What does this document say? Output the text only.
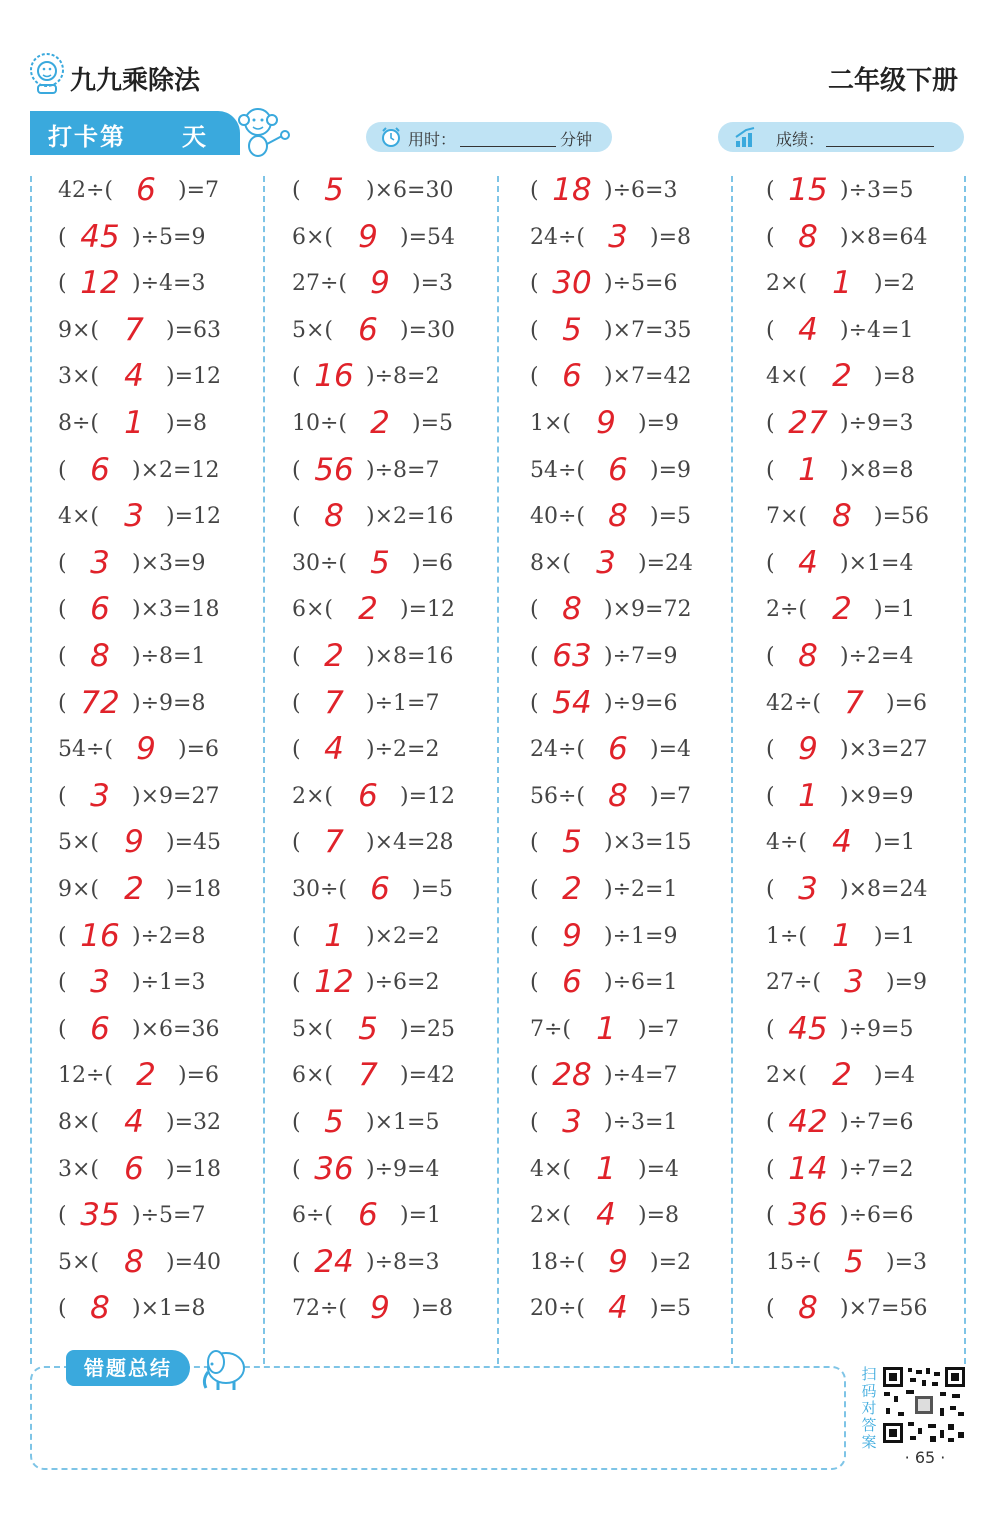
九九乘除法	二年级下册
打卡第 天	用时：	分钟	成绩：
42÷( 6	)=7
( 45 )÷5=9
( 12 )÷4=3
9×( 7	)=63
3×( 4	)=12
8÷( 1	)=8
( 6	)×2=12
4×( 3	)=12
( 3	)×3=9
( 6	)×3=18
( 8	)÷8=1
( 72 )÷9=8
54÷( 9	)=6
( 3	)×9=27
5×( 9	)=45
9×( 2	)=18
( 16 )÷2=8
( 3	)÷1=3
( 6	)×6=36
12÷( 2	)=6
8×( 4	)=32
3×( 6	)=18
( 35 )÷5=7
5×( 8	)=40
( 8	)×1=8
( 5	)×6=30
6×( 9	)=54
27÷( 9	)=3
5×( 6	)=30
( 16 )÷8=2
10÷( 2	)=5
( 56 )÷8=7
( 8	)×2=16
30÷( 5	)=6
6×( 2	)=12
( 2	)×8=16
( 7	)÷1=7
( 4	)÷2=2
2×( 6	)=12
( 7	)×4=28
30÷( 6	)=5
( 1	)×2=2
( 12 )÷6=2
5×( 5	)=25
6×( 7	)=42
( 5	)×1=5
( 36 )÷9=4
6÷( 6	)=1
( 24 )÷8=3
72÷( 9	)=8
( 18 )÷6=3
24÷( 3	)=8
( 30 )÷5=6
( 5	)×7=35
( 6	)×7=42
1×( 9	)=9
54÷( 6	)=9
40÷( 8	)=5
8×( 3	)=24
( 8	)×9=72
( 63 )÷7=9
( 54 )÷9=6
24÷( 6	)=4
56÷( 8	)=7
( 5	)×3=15
( 2	)÷2=1
( 9	)÷1=9
( 6	)÷6=1
7÷( 1	)=7
( 28 )÷4=7
( 3	)÷3=1
4×( 1	)=4
2×( 4	)=8
18÷( 9	)=2
20÷( 4	)=5
( 15 )÷3=5
( 8	)×8=64
2×( 1	)=2
( 4	)÷4=1
4×( 2	)=8
( 27 )÷9=3
( 1	)×8=8
7×( 8	)=56
( 4	)×1=4
2÷( 2	)=1
( 8	)÷2=4
42÷( 7	)=6
( 9	)×3=27
( 1	)×9=9
4÷( 4	)=1
( 3	)×8=24
1÷( 1	)=1
27÷( 3	)=9
( 45 )÷9=5
2×( 2	)=4
( 42 )÷7=6
( 14 )÷7=2
( 36 )÷6=6
15÷( 5	)=3
( 8	)×7=56
错题总结	扫码对答案
· 65 ·
